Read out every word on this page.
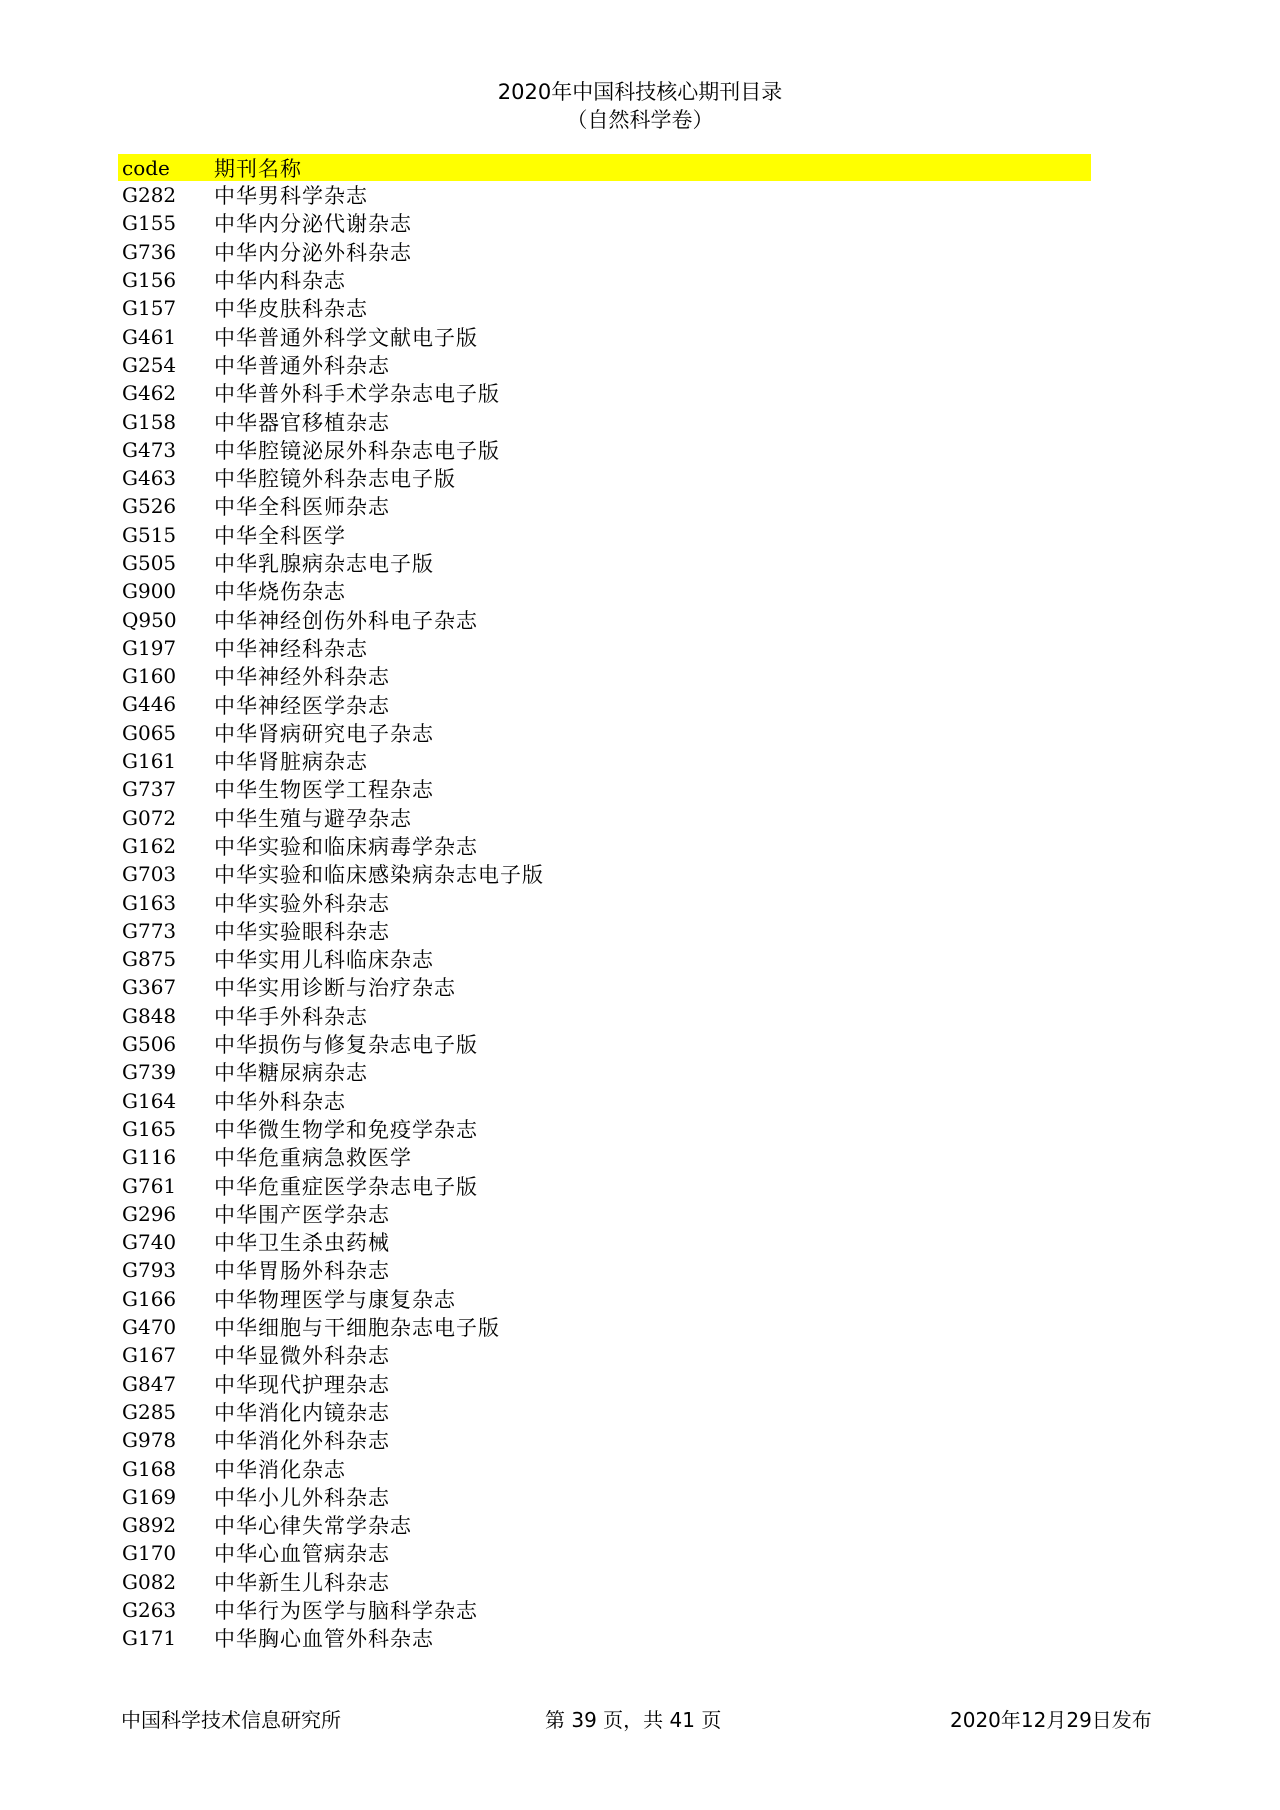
2020年中国科技核心期刊目录
（自然科学卷）
code	期刊名称
G282	中华男科学杂志
G155	中华内分泌代谢杂志
G736	中华内分泌外科杂志
G156	中华内科杂志
G157	中华皮肤科杂志
G461	中华普通外科学文献电子版
G254	中华普通外科杂志
G462	中华普外科手术学杂志电子版
G158	中华器官移植杂志
G473	中华腔镜泌尿外科杂志电子版
G463	中华腔镜外科杂志电子版
G526	中华全科医师杂志
G515	中华全科医学
G505	中华乳腺病杂志电子版
G900	中华烧伤杂志
Q950	中华神经创伤外科电子杂志
G197	中华神经科杂志
G160	中华神经外科杂志
G446	中华神经医学杂志
G065	中华肾病研究电子杂志
G161	中华肾脏病杂志
G737	中华生物医学工程杂志
G072	中华生殖与避孕杂志
G162	中华实验和临床病毒学杂志
G703	中华实验和临床感染病杂志电子版
G163	中华实验外科杂志
G773	中华实验眼科杂志
G875	中华实用儿科临床杂志
G367	中华实用诊断与治疗杂志
G848	中华手外科杂志
G506	中华损伤与修复杂志电子版
G739	中华糖尿病杂志
G164	中华外科杂志
G165	中华微生物学和免疫学杂志
G116	中华危重病急救医学
G761	中华危重症医学杂志电子版
G296	中华围产医学杂志
G740	中华卫生杀虫药械
G793	中华胃肠外科杂志
G166	中华物理医学与康复杂志
G470	中华细胞与干细胞杂志电子版
G167	中华显微外科杂志
G847	中华现代护理杂志
G285	中华消化内镜杂志
G978	中华消化外科杂志
G168	中华消化杂志
G169	中华小儿外科杂志
G892	中华心律失常学杂志
G170	中华心血管病杂志
G082	中华新生儿科杂志
G263	中华行为医学与脑科学杂志
G171	中华胸心血管外科杂志
中国科学技术信息研究所	第 39 页，共 41 页	2020年12月29日发布
